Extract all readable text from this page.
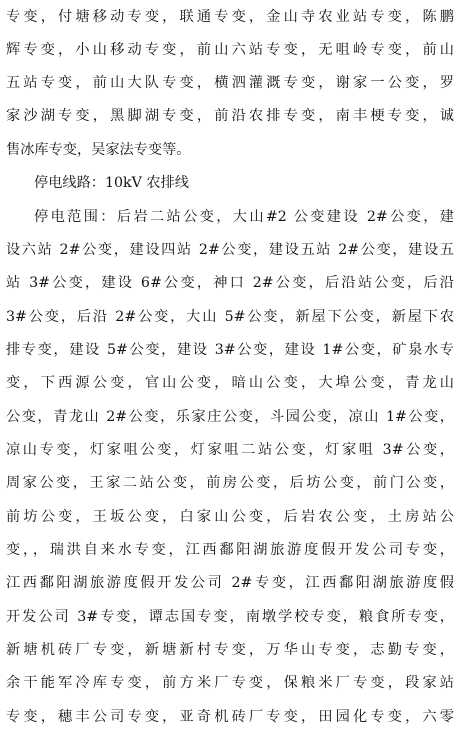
专变，付塘移动专变，联通专变，金山寺农业站专变，陈鹏
辉专变，小山移动专变，前山六站专变，无咀岭专变，前山
五站专变，前山大队专变，横泗灌溉专变，谢家一公变，罗
家沙湖专变，黑脚湖专变，前沿农排专变，南丰梗专变，诚
售冰库专变，吴家法专变等。
停电线路：10kV 农排线
停电范围：后岩二站公变，大山#2 公变建设 2#公变，建
设六站 2#公变，建设四站 2#公变，建设五站 2#公变，建设五
站 3#公变，建设 6#公变，神口 2#公变，后沿站公变，后沿
3#公变，后沿 2#公变，大山 5#公变，新屋下公变，新屋下农
排专变，建设 5#公变，建设 3#公变，建设 1#公变，矿泉水专
变，下西源公变，官山公变，暗山公变，大埠公变，青龙山
公变，青龙山 2#公变，乐家庄公变，斗园公变，凉山 1#公变，
凉山专变，灯家咀公变，灯家咀二站公变，灯家咀 3#公变，
周家公变，王家二站公变，前房公变，后坊公变，前门公变，
前坊公变，王坂公变，白家山公变，后岩农公变，土房站公
变，，瑞洪自来水专变，江西鄱阳湖旅游度假开发公司专变，
江西鄱阳湖旅游度假开发公司 2#专变，江西鄱阳湖旅游度假
开发公司 3#专变，谭志国专变，南墩学校专变，粮食所专变，
新塘机砖厂专变，新塘新村专变，万华山专变，志勤专变，
余干能军冷库专变，前方米厂专变，保粮米厂专变，段家站
专变，穗丰公司专变，亚奇机砖厂专变，田园化专变，六零
